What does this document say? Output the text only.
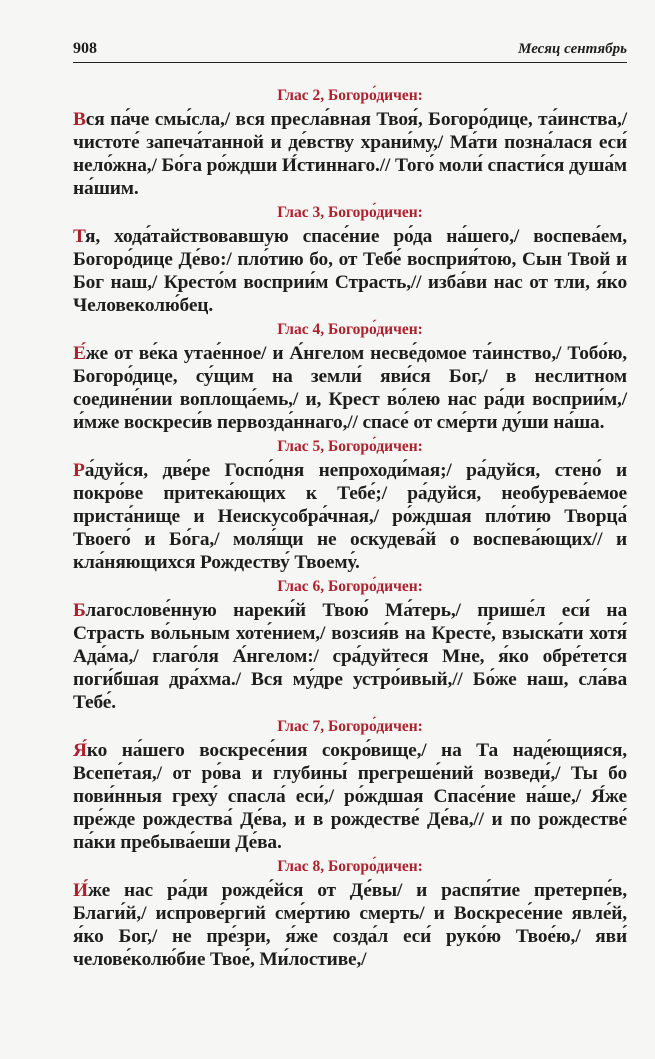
908	Месяц сентябрь
Глас 2, Богоро́дичен:

Вся па́че смы́сла,/ вся пресла́вная Твоя́, Богоро́дице, та́инства,/ чистоте́ запеча́танной и де́вству храни́му,/ Ма́ти позна́лася еси́ нело́жна,/ Бо́га ро́ждши И́стиннаго.// Того́ моли́ спасти́ся душа́м на́шим.

Глас 3, Богоро́дичен:

Тя, хода́тайствовавшую спасе́ние ро́да на́шего,/ воспева́ем, Богоро́дице Де́во:/ пло́тию бо, от Тебе́ восприя́тою, Сын Твой и Бог наш,/ Кресто́м восприи́м Страсть,// изба́ви нас от тли, я́ко Человеколю́бец.

Глас 4, Богоро́дичен:

Е́же от ве́ка утае́нное/ и А́нгелом несве́домое та́инство,/ Тобо́ю, Богоро́дице, су́щим на земли́ яви́ся Бог,/ в неслитном соедине́нии воплоща́емь,/ и, Крест во́лею нас ра́ди восприи́м,/ и́мже воскреси́в первозда́ннаго,// спасе́ от сме́рти ду́ши на́ша.

Глас 5, Богоро́дичен:

Ра́дуйся, две́ре Госпо́дня непроходи́мая;/ ра́дуйся, стено́ и покро́ве притека́ющих к Тебе́;/ ра́дуйся, необурева́емое приста́нище и Неискусобра́чная,/ ро́ждшая пло́тию Творца́ Твоего́ и Бо́га,/ моля́щи не оскудева́й о воспева́ющих// и кла́няющихся Рождеству́ Твоему́.

Глас 6, Богоро́дичен:

Благослове́нную нареки́й Твою́ Ма́терь,/ прише́л еси́ на Страсть во́льным хоте́нием,/ возсия́в на Кресте́, взыска́ти хотя́ Ада́ма,/ глаго́ля А́нгелом:/ сра́дуйтеся Мне, я́ко обре́тется поги́бшая дра́хма./ Вся му́дре устро́ивый,// Бо́же наш, сла́ва Тебе́.

Глас 7, Богоро́дичен:

Я́ко на́шего воскресе́ния сокро́вище,/ на Та наде́ющияся, Всепе́тая,/ от ро́ва и глубины́ прегреше́ний возведи́,/ Ты бо пови́нныя греху́ спасла́ еси́,/ ро́ждшая Спасе́ние на́ше,/ Я́же пре́жде рождества́ Де́ва, и в рождестве́ Де́ва,// и по рождестве́ па́ки пребыва́еши Де́ва.

Глас 8, Богоро́дичен:

И́же нас ра́ди рожде́йся от Де́вы/ и распя́тие претерпе́в, Благи́й,/ испрове́ргий сме́ртию смерть/ и Воскресе́ние явле́й, я́ко Бог,/ не пре́зри, я́же созда́л еси́ руко́ю Твое́ю,/ яви́ челове́колю́бие Твое́, Ми́лостиве,/
